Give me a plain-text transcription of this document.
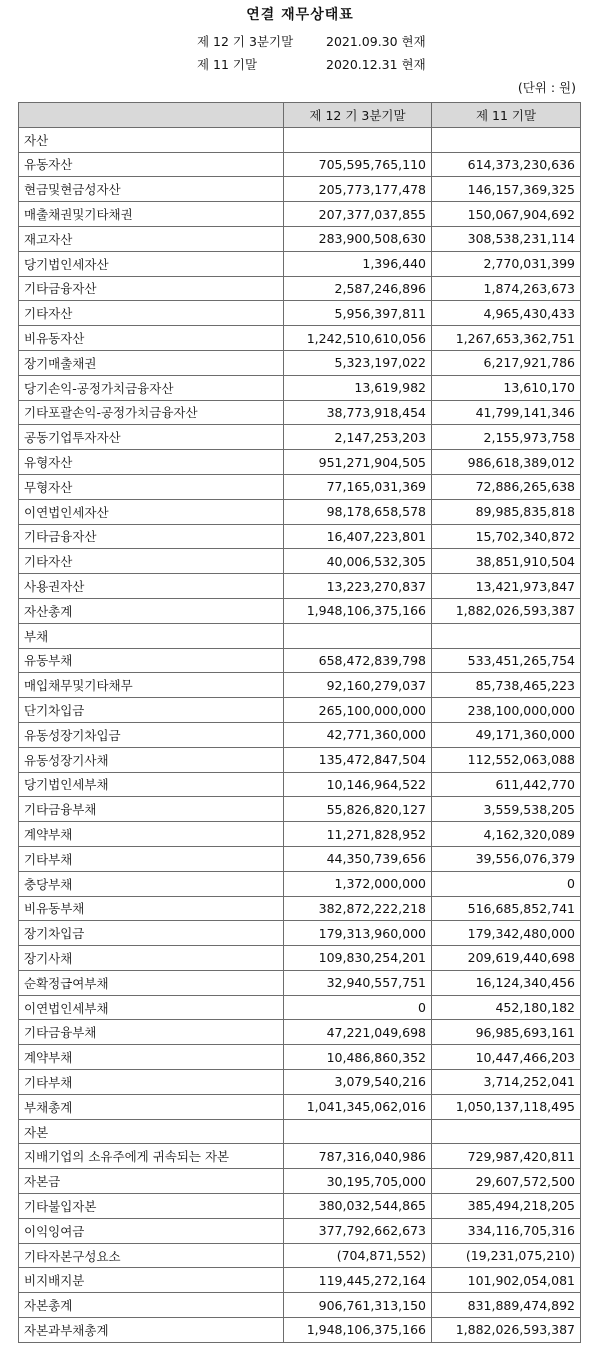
연결 재무상태표
제 12 기 3분기말	2021.09.30 현재
제 11 기말	2020.12.31 현재
(단위 : 원)
	제 12 기 3분기말	제 11 기말
자산		
유동자산	705,595,765,110	614,373,230,636
현금및현금성자산	205,773,177,478	146,157,369,325
매출채권및기타채권	207,377,037,855	150,067,904,692
재고자산	283,900,508,630	308,538,231,114
당기법인세자산	1,396,440	2,770,031,399
기타금융자산	2,587,246,896	1,874,263,673
기타자산	5,956,397,811	4,965,430,433
비유동자산	1,242,510,610,056	1,267,653,362,751
장기매출채권	5,323,197,022	6,217,921,786
당기손익-공정가치금융자산	13,619,982	13,610,170
기타포괄손익-공정가치금융자산	38,773,918,454	41,799,141,346
공동기업투자자산	2,147,253,203	2,155,973,758
유형자산	951,271,904,505	986,618,389,012
무형자산	77,165,031,369	72,886,265,638
이연법인세자산	98,178,658,578	89,985,835,818
기타금융자산	16,407,223,801	15,702,340,872
기타자산	40,006,532,305	38,851,910,504
사용권자산	13,223,270,837	13,421,973,847
자산총계	1,948,106,375,166	1,882,026,593,387
부채		
유동부채	658,472,839,798	533,451,265,754
매입채무및기타채무	92,160,279,037	85,738,465,223
단기차입금	265,100,000,000	238,100,000,000
유동성장기차입금	42,771,360,000	49,171,360,000
유동성장기사채	135,472,847,504	112,552,063,088
당기법인세부채	10,146,964,522	611,442,770
기타금융부채	55,826,820,127	3,559,538,205
계약부채	11,271,828,952	4,162,320,089
기타부채	44,350,739,656	39,556,076,379
충당부채	1,372,000,000	0
비유동부채	382,872,222,218	516,685,852,741
장기차입금	179,313,960,000	179,342,480,000
장기사채	109,830,254,201	209,619,440,698
순확정급여부채	32,940,557,751	16,124,340,456
이연법인세부채	0	452,180,182
기타금융부채	47,221,049,698	96,985,693,161
계약부채	10,486,860,352	10,447,466,203
기타부채	3,079,540,216	3,714,252,041
부채총계	1,041,345,062,016	1,050,137,118,495
자본		
지배기업의 소유주에게 귀속되는 자본	787,316,040,986	729,987,420,811
자본금	30,195,705,000	29,607,572,500
기타불입자본	380,032,544,865	385,494,218,205
이익잉여금	377,792,662,673	334,116,705,316
기타자본구성요소	(704,871,552)	(19,231,075,210)
비지배지분	119,445,272,164	101,902,054,081
자본총계	906,761,313,150	831,889,474,892
자본과부채총계	1,948,106,375,166	1,882,026,593,387
